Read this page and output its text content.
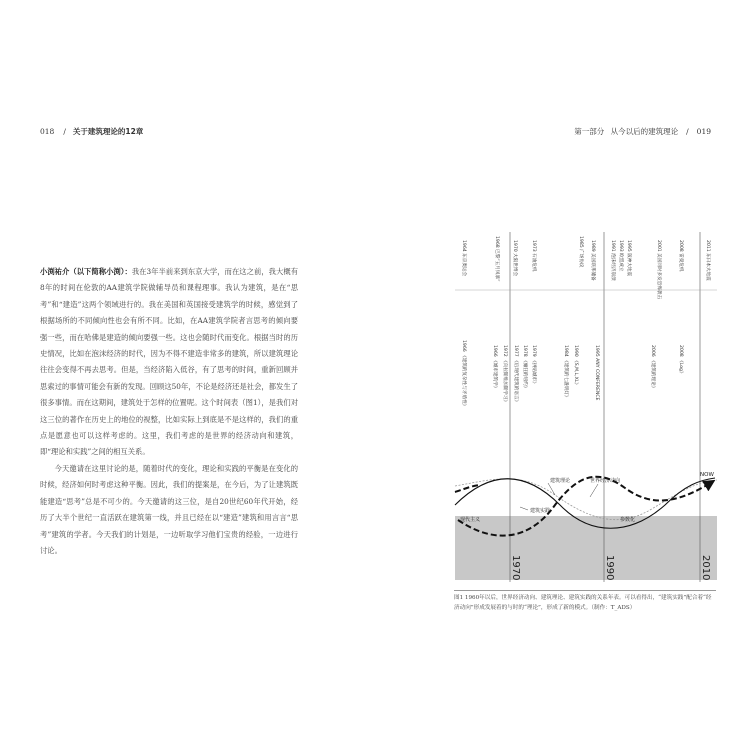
018 / 关于建筑理论的12章

小渕祐介（以下简称小渕）：我在3年半前来到东京大学，而在这之前，我大概有8年的时间在伦敦的AA建筑学院做辅导员和课程理事。我认为建筑，是在“思考”和“建造”这两个领域进行的。我在美国和英国接受建筑学的时候，感觉到了根据场所的不同倾向性也会有所不同。比如，在AA建筑学院者言思考的倾向要强一些，而在哈佛是建造的倾向要强一些。这也会随时代而变化。根据当时的历史情况，比如在泡沫经济的时代，因为不得不建造非常多的建筑，所以建筑理论往往会变得不再去思考。但是，当经济陷入低谷，有了思考的时间，重新回顾并思索过的事情可能会有新的发现。回顾这50年，不论是经济还是社会，都发生了很多事情。而在这期间，建筑处于怎样的位置呢。这个时间表（图1），是我们对这三位的著作在历史上的地位的视整，比如实际上到底是不是这样的，我们的重点是愿意也可以这样考虑的。这里，我们考虑的是世界的经济动向和建筑，即“理论和实践”之间的相互关系。

今天邀请在这里讨论的是，随着时代的变化，理论和实践的平衡是在变化的时候，经济如何时考虑这种平衡。因此，我们的提案是，在今后，为了让建筑既能建造“思考”总是不可少的。今天邀请的这三位，是自20世纪60年代开始，经历了大半个世纪一直活跃在建筑第一线，并且已经在以“建造”建筑和用言言“思考”建筑的学者。今天我们的计划是，一边听取学习他们宝贵的经验，一边进行讨论。

第一部分 从今以后的建筑理论 / 019
建筑理论	世界经济动向
建筑实践
NOW
现代主义	参数化
1970	1990	2010
1964 东京奥运会	1968 巴黎“五月风暴”	1970 大阪世博会	1973 石油危机	1985 广场协议	1989 美国联邦储备	1991 泡沫经济崩溃 1993 欧盟成立 1995 阪神大地震	2001 美国同时多发恐怖袭击	2008 雷曼危机	2011 东日本大地震
1966 《建筑的复杂性与矛盾性》	1966 《城市建筑学》	1972 《向拉斯维加斯学习》	1977 《后现代建筑的语言》 1978 《癫狂的纽约》 1979 《拼贴城市》	1984 《建筑的七盏明灯》	1990 《S,M,L,XL》	1995 ANY CONFERENCE	2006 《建筑的理论》	2008 《Log》
图1 1960年以后，世界经济动向、建筑理论、建筑实践的关系年表。可以看得出，“建筑实践”配合着“经济动向”形成发展着的与时的“理论”，形成了新的模式。（制作：T_ADS）
